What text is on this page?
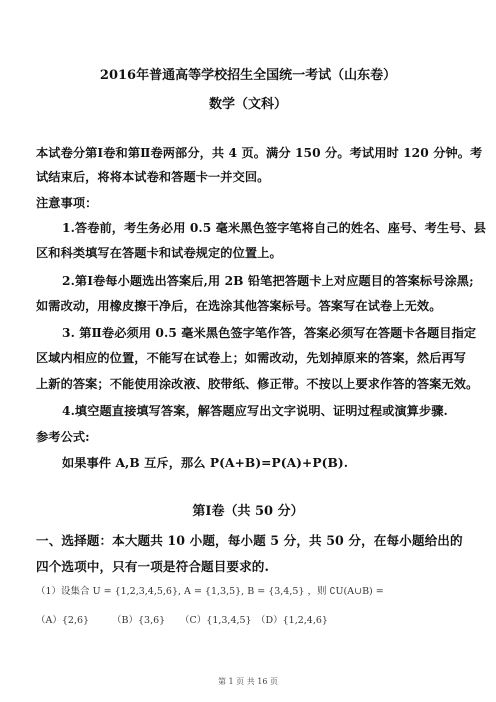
2016年普通高等学校招生全国统一考试（山东卷）
数学（文科）
本试卷分第Ⅰ卷和第Ⅱ卷两部分，共 4 页。满分 150 分。考试用时 120 分钟。考
试结束后，将将本试卷和答题卡一并交回。
注意事项：
1.答卷前，考生务必用 0.5 毫米黑色签字笔将自己的姓名、座号、考生号、县
区和科类填写在答题卡和试卷规定的位置上。
2.第Ⅰ卷每小题选出答案后,用 2B 铅笔把答题卡上对应题目的答案标号涂黑;
如需改动，用橡皮擦干净后，在选涂其他答案标号。答案写在试卷上无效。
3. 第Ⅱ卷必须用 0.5 毫米黑色签字笔作答，答案必须写在答题卡各题目指定
区域内相应的位置，不能写在试卷上；如需改动，先划掉原来的答案，然后再写
上新的答案；不能使用涂改液、胶带纸、修正带。不按以上要求作答的答案无效。
4.填空题直接填写答案，解答题应写出文字说明、证明过程或演算步骤.
参考公式:
如果事件 A,B 互斥，那么 P(A+B)=P(A)+P(B).
第Ⅰ卷（共 50 分）
一、选择题：本大题共 10 小题，每小题 5 分，共 50 分，在每小题给出的
四个选项中，只有一项是符合题目要求的.
（1）设集合 U = {1,2,3,4,5,6}, A = {1,3,5}, B = {3,4,5} ，则 ∁U(A∪B) =
（A）{2,6} （B）{3,6} （C）{1,3,4,5} （D）{1,2,4,6}
第 1 页 共 16 页
